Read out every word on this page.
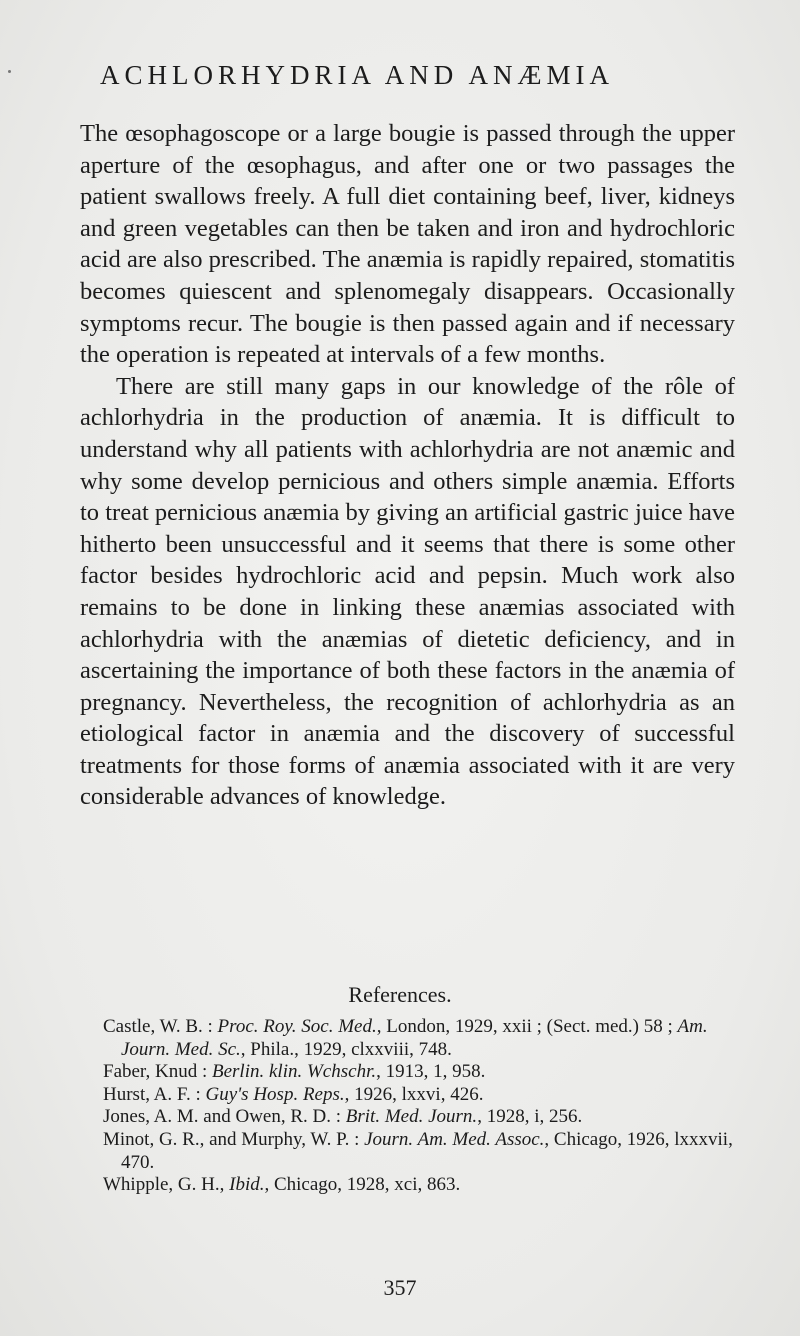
ACHLORHYDRIA AND ANÆMIA

The œsophagoscope or a large bougie is passed through the upper aperture of the œsophagus, and after one or two passages the patient swallows freely. A full diet containing beef, liver, kidneys and green vegetables can then be taken and iron and hydrochloric acid are also prescribed. The anæmia is rapidly repaired, stomatitis becomes quiescent and splenomegaly disappears. Occasionally symptoms recur. The bougie is then passed again and if necessary the operation is repeated at intervals of a few months.

There are still many gaps in our knowledge of the rôle of achlorhydria in the production of anæmia. It is difficult to understand why all patients with achlorhydria are not anæmic and why some develop pernicious and others simple anæmia. Efforts to treat pernicious anæmia by giving an artificial gastric juice have hitherto been unsuccessful and it seems that there is some other factor besides hydrochloric acid and pepsin. Much work also remains to be done in linking these anæmias associated with achlorhydria with the anæmias of dietetic deficiency, and in ascertaining the importance of both these factors in the anæmia of pregnancy. Nevertheless, the recognition of achlorhydria as an etiological factor in anæmia and the discovery of successful treatments for those forms of anæmia associated with it are very considerable advances of knowledge.

References.

Castle, W. B. : Proc. Roy. Soc. Med., London, 1929, xxii ; (Sect. med.) 58 ; Am. Journ. Med. Sc., Phila., 1929, clxxviii, 748.

Faber, Knud : Berlin. klin. Wchschr., 1913, 1, 958.

Hurst, A. F. : Guy's Hosp. Reps., 1926, lxxvi, 426.

Jones, A. M. and Owen, R. D. : Brit. Med. Journ., 1928, i, 256.

Minot, G. R., and Murphy, W. P. : Journ. Am. Med. Assoc., Chicago, 1926, lxxxvii, 470.

Whipple, G. H., Ibid., Chicago, 1928, xci, 863.

357
